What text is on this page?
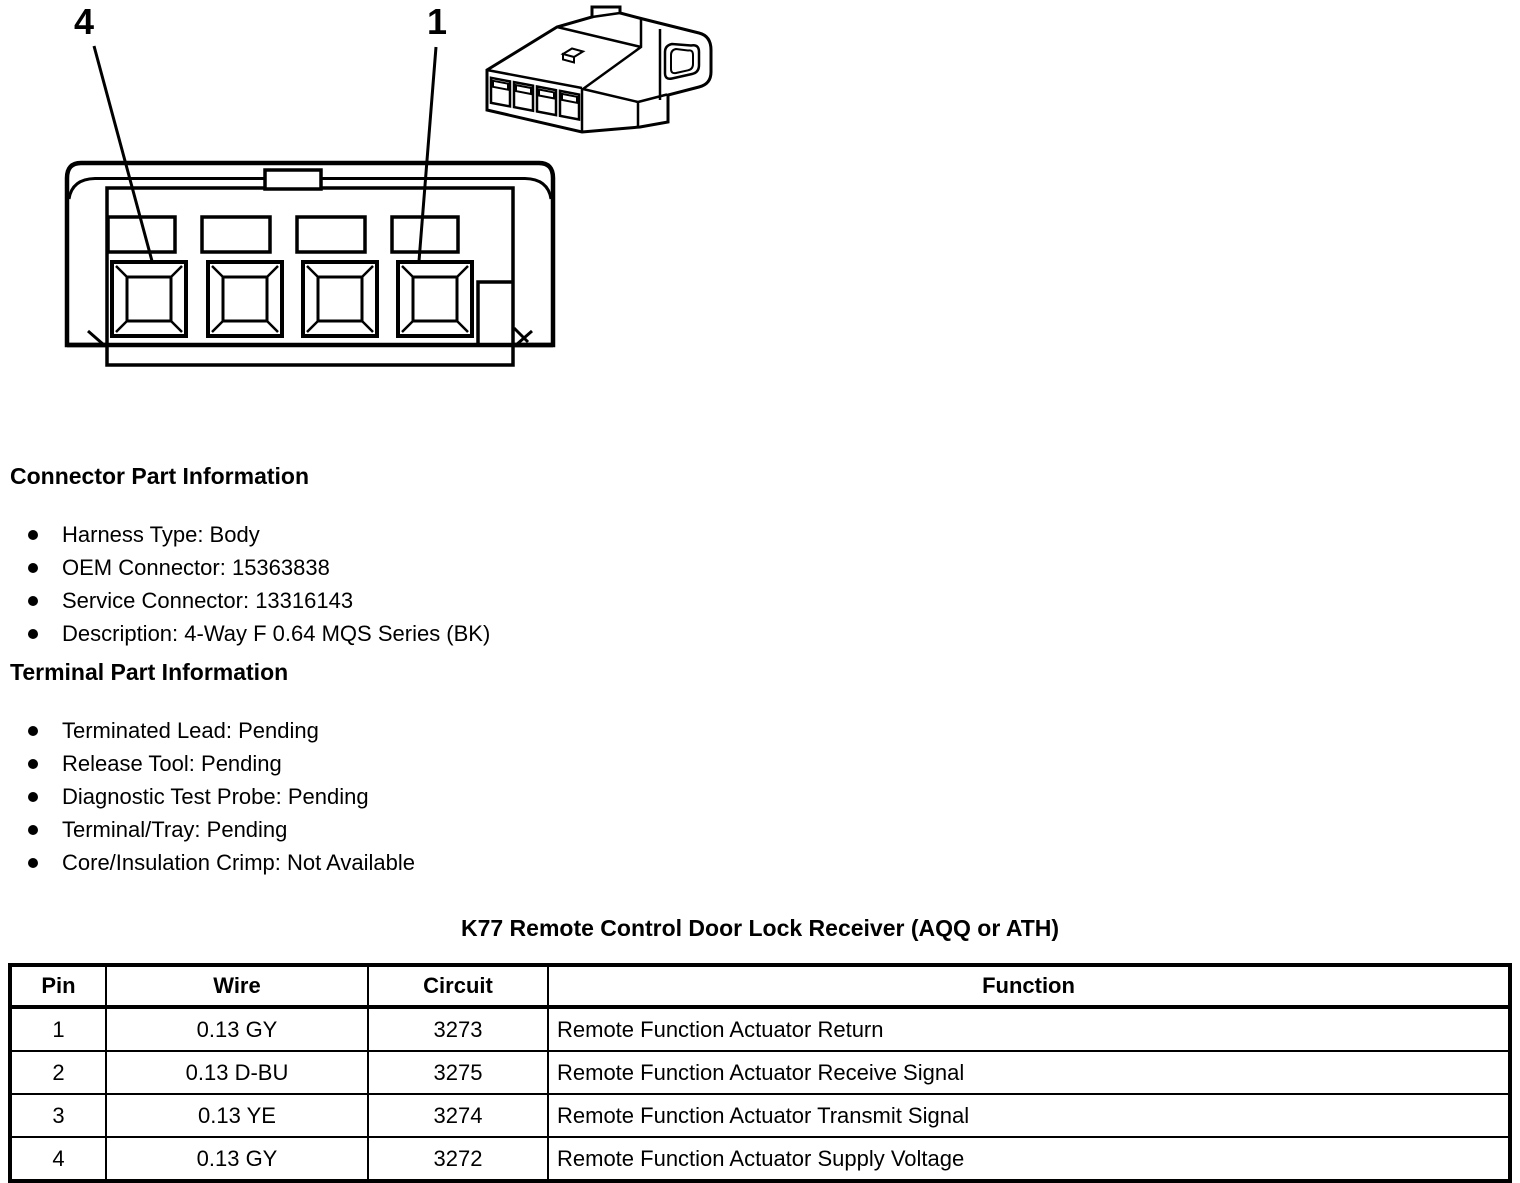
4	1
Connector Part Information
Harness Type: Body
OEM Connector: 15363838
Service Connector: 13316143
Description: 4-Way F 0.64 MQS Series (BK)
Terminal Part Information
Terminated Lead: Pending
Release Tool: Pending
Diagnostic Test Probe: Pending
Terminal/Tray: Pending
Core/Insulation Crimp: Not Available
K77 Remote Control Door Lock Receiver (AQQ or ATH)
Pin	Wire	Circuit	Function
1	0.13 GY	3273	Remote Function Actuator Return
2	0.13 D-BU	3275	Remote Function Actuator Receive Signal
3	0.13 YE	3274	Remote Function Actuator Transmit Signal
4	0.13 GY	3272	Remote Function Actuator Supply Voltage
